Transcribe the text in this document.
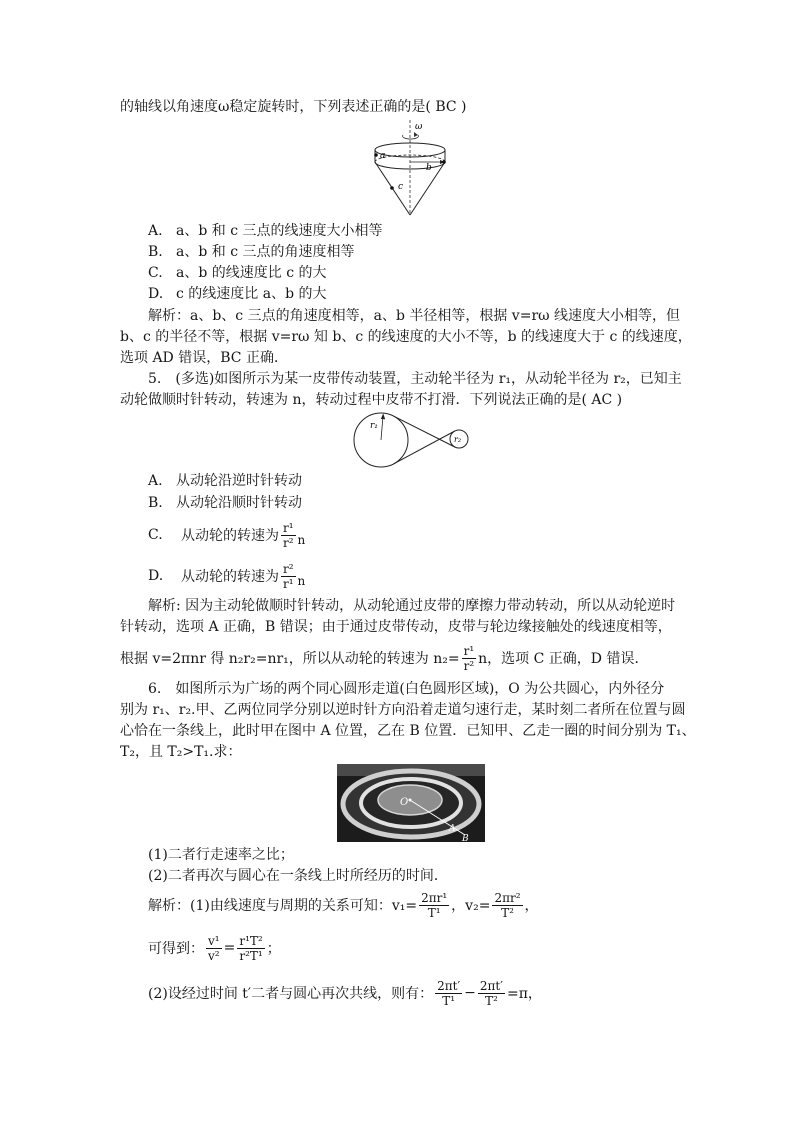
的轴线以角速度ω稳定旋转时，下列表述正确的是( BC )
ω
a
b
c
A. a、b 和 c 三点的线速度大小相等
B. a、b 和 c 三点的角速度相等
C. a、b 的线速度比 c 的大
D. c 的线速度比 a、b 的大
解析：a、b、c 三点的角速度相等，a、b 半径相等，根据 v=rω 线速度大小相等，但
b、c 的半径不等，根据 v=rω 知 b、c 的线速度的大小不等，b 的线速度大于 c 的线速度，
选项 AD 错误，BC 正确．
5.　(多选)如图所示为某一皮带传动装置，主动轮半径为 r₁，从动轮半径为 r₂，已知主
动轮做顺时针转动，转速为 n，转动过程中皮带不打滑．下列说法正确的是( AC )
r₁
r₂
A. 从动轮沿逆时针转动
B. 从动轮沿顺时针转动
C.	从动轮的转速为 $\frac{\text{r¹}}{\text{r²}}$ n
D.	从动轮的转速为 $\frac{\text{r²}}{\text{r¹}}$ n
解析: 因为主动轮做顺时针转动，从动轮通过皮带的摩擦力带动转动，所以从动轮逆时
针转动，选项 A 正确，B 错误；由于通过皮带传动，皮带与轮边缘接触处的线速度相等，
根据 v=2πnr 得 n₂r₂=nr₁，所以从动轮的转速为 $n_2= \frac{\text{r¹}}{\text{r²}}$ n，选项 C 正确，D 错误．
6.　如图所示为广场的两个同心圆形走道(白色圆形区域)，O 为公共圆心，内外径分
别为 r₁、r₂.甲、乙两位同学分别以逆时针方向沿着走道匀速行走，某时刻二者所在位置与圆
心恰在一条线上，此时甲在图中 A 位置，乙在 B 位置．已知甲、乙走一圈的时间分别为 T₁、
T₂，且 T₂>T₁.求：
O
A
B
(1)二者行走速率之比；
(2)二者再次与圆心在一条线上时所经历的时间．
解析：(1)由线速度与周期的关系可知：$v_1= \frac{\text{2πr¹}}{\text{T¹}}$ ，$v_2= \frac{\text{2πr²}}{\text{T²}}$ ，
可得到： $\frac{\text{v¹}}{\text{v²}} = \frac{\text{r¹T²}}{\text{r²T¹}}$ ；
(2)设经过时间 t′二者与圆心再次共线，则有： $\frac{2\pi t'}{\text{T¹}} - \frac{2\pi t'}{\text{T²}} =\pi$，
